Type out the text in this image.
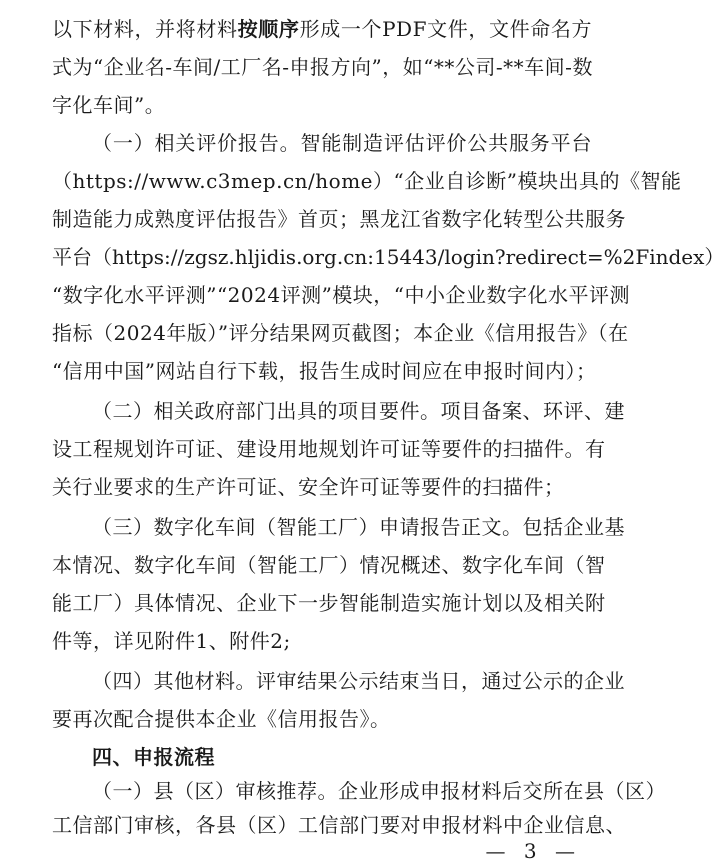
以下材料，并将材料按顺序形成一个PDF文件，文件命名方
式为“企业名-车间/工厂名-申报方向”，如“**公司-**车间-数
字化车间”。
（一）相关评价报告。智能制造评估评价公共服务平台
（https://www.c3mep.cn/home）“企业自诊断”模块出具的《智能
制造能力成熟度评估报告》首页；黑龙江省数字化转型公共服务
平台（https://zgsz.hljidis.org.cn:15443/login?redirect=%2Findex）
“数字化水平评测”“2024评测”模块，“中小企业数字化水平评测
指标（2024年版）”评分结果网页截图；本企业《信用报告》（在
“信用中国”网站自行下载，报告生成时间应在申报时间内）；
（二）相关政府部门出具的项目要件。项目备案、环评、建
设工程规划许可证、建设用地规划许可证等要件的扫描件。有
关行业要求的生产许可证、安全许可证等要件的扫描件；
（三）数字化车间（智能工厂）申请报告正文。包括企业基
本情况、数字化车间（智能工厂）情况概述、数字化车间（智
能工厂）具体情况、企业下一步智能制造实施计划以及相关附
件等，详见附件1、附件2;
（四）其他材料。评审结果公示结束当日，通过公示的企业
要再次配合提供本企业《信用报告》。
四、申报流程
— 3 —
（一）县（区）审核推荐。企业形成申报材料后交所在县（区）
工信部门审核，各县（区）工信部门要对申报材料中企业信息、
